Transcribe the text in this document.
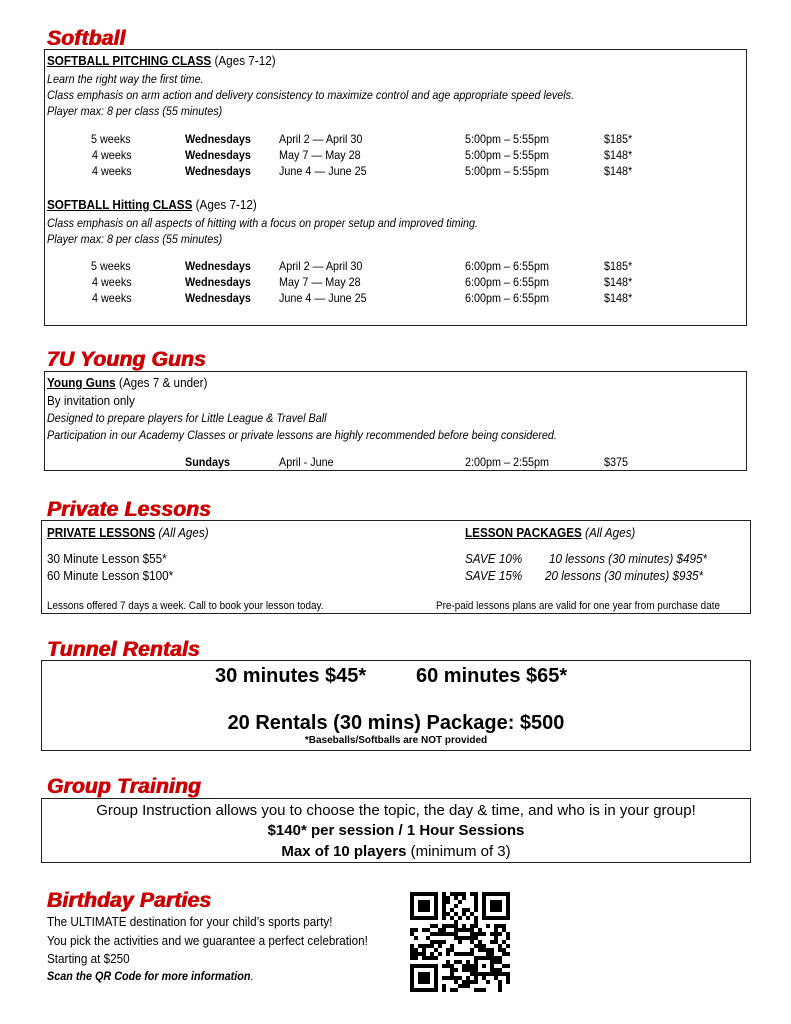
Softball
SOFTBALL PITCHING CLASS (Ages 7-12)
Learn the right way the first time.
Class emphasis on arm action and delivery consistency to maximize control and age appropriate speed levels.
Player max: 8 per class (55 minutes)
5 weeks	Wednesdays April 2 — April 30	5:00pm – 5:55pm	$185*
4 weeks	Wednesdays May 7 — May 28	5:00pm – 5:55pm	$148*
4 weeks	Wednesdays June 4 — June 25	5:00pm – 5:55pm	$148*
SOFTBALL Hitting CLASS (Ages 7-12)
Class emphasis on all aspects of hitting with a focus on proper setup and improved timing.
Player max: 8 per class (55 minutes)
5 weeks	Wednesdays April 2 — April 30	6:00pm – 6:55pm	$185*
4 weeks	Wednesdays May 7 — May 28	6:00pm – 6:55pm	$148*
4 weeks	Wednesdays June 4 — June 25	6:00pm – 6:55pm	$148*
7U Young Guns
Young Guns (Ages 7 & under)
By invitation only
Designed to prepare players for Little League & Travel Ball
Participation in our Academy Classes or private lessons are highly recommended before being considered.
Sundays	April - June	2:00pm – 2:55pm	$375
Private Lessons
PRIVATE LESSONS (All Ages)
30 Minute Lesson $55*
60 Minute Lesson $100*
Lessons offered 7 days a week. Call to book your lesson today.
LESSON PACKAGES (All Ages)
SAVE 10% 10 lessons (30 minutes) $495*
SAVE 15% 20 lessons (30 minutes) $935*
Pre-paid lessons plans are valid for one year from purchase date
Tunnel Rentals
30 minutes $45* 60 minutes $65*
20 Rentals (30 mins) Package: $500
*Baseballs/Softballs are NOT provided
Group Training
Group Instruction allows you to choose the topic, the day & time, and who is in your group!
$140* per session / 1 Hour Sessions
Max of 10 players (minimum of 3)
Birthday Parties
The ULTIMATE destination for your child’s sports party!
You pick the activities and we guarantee a perfect celebration!
Starting at $250
Scan the QR Code for more information.
